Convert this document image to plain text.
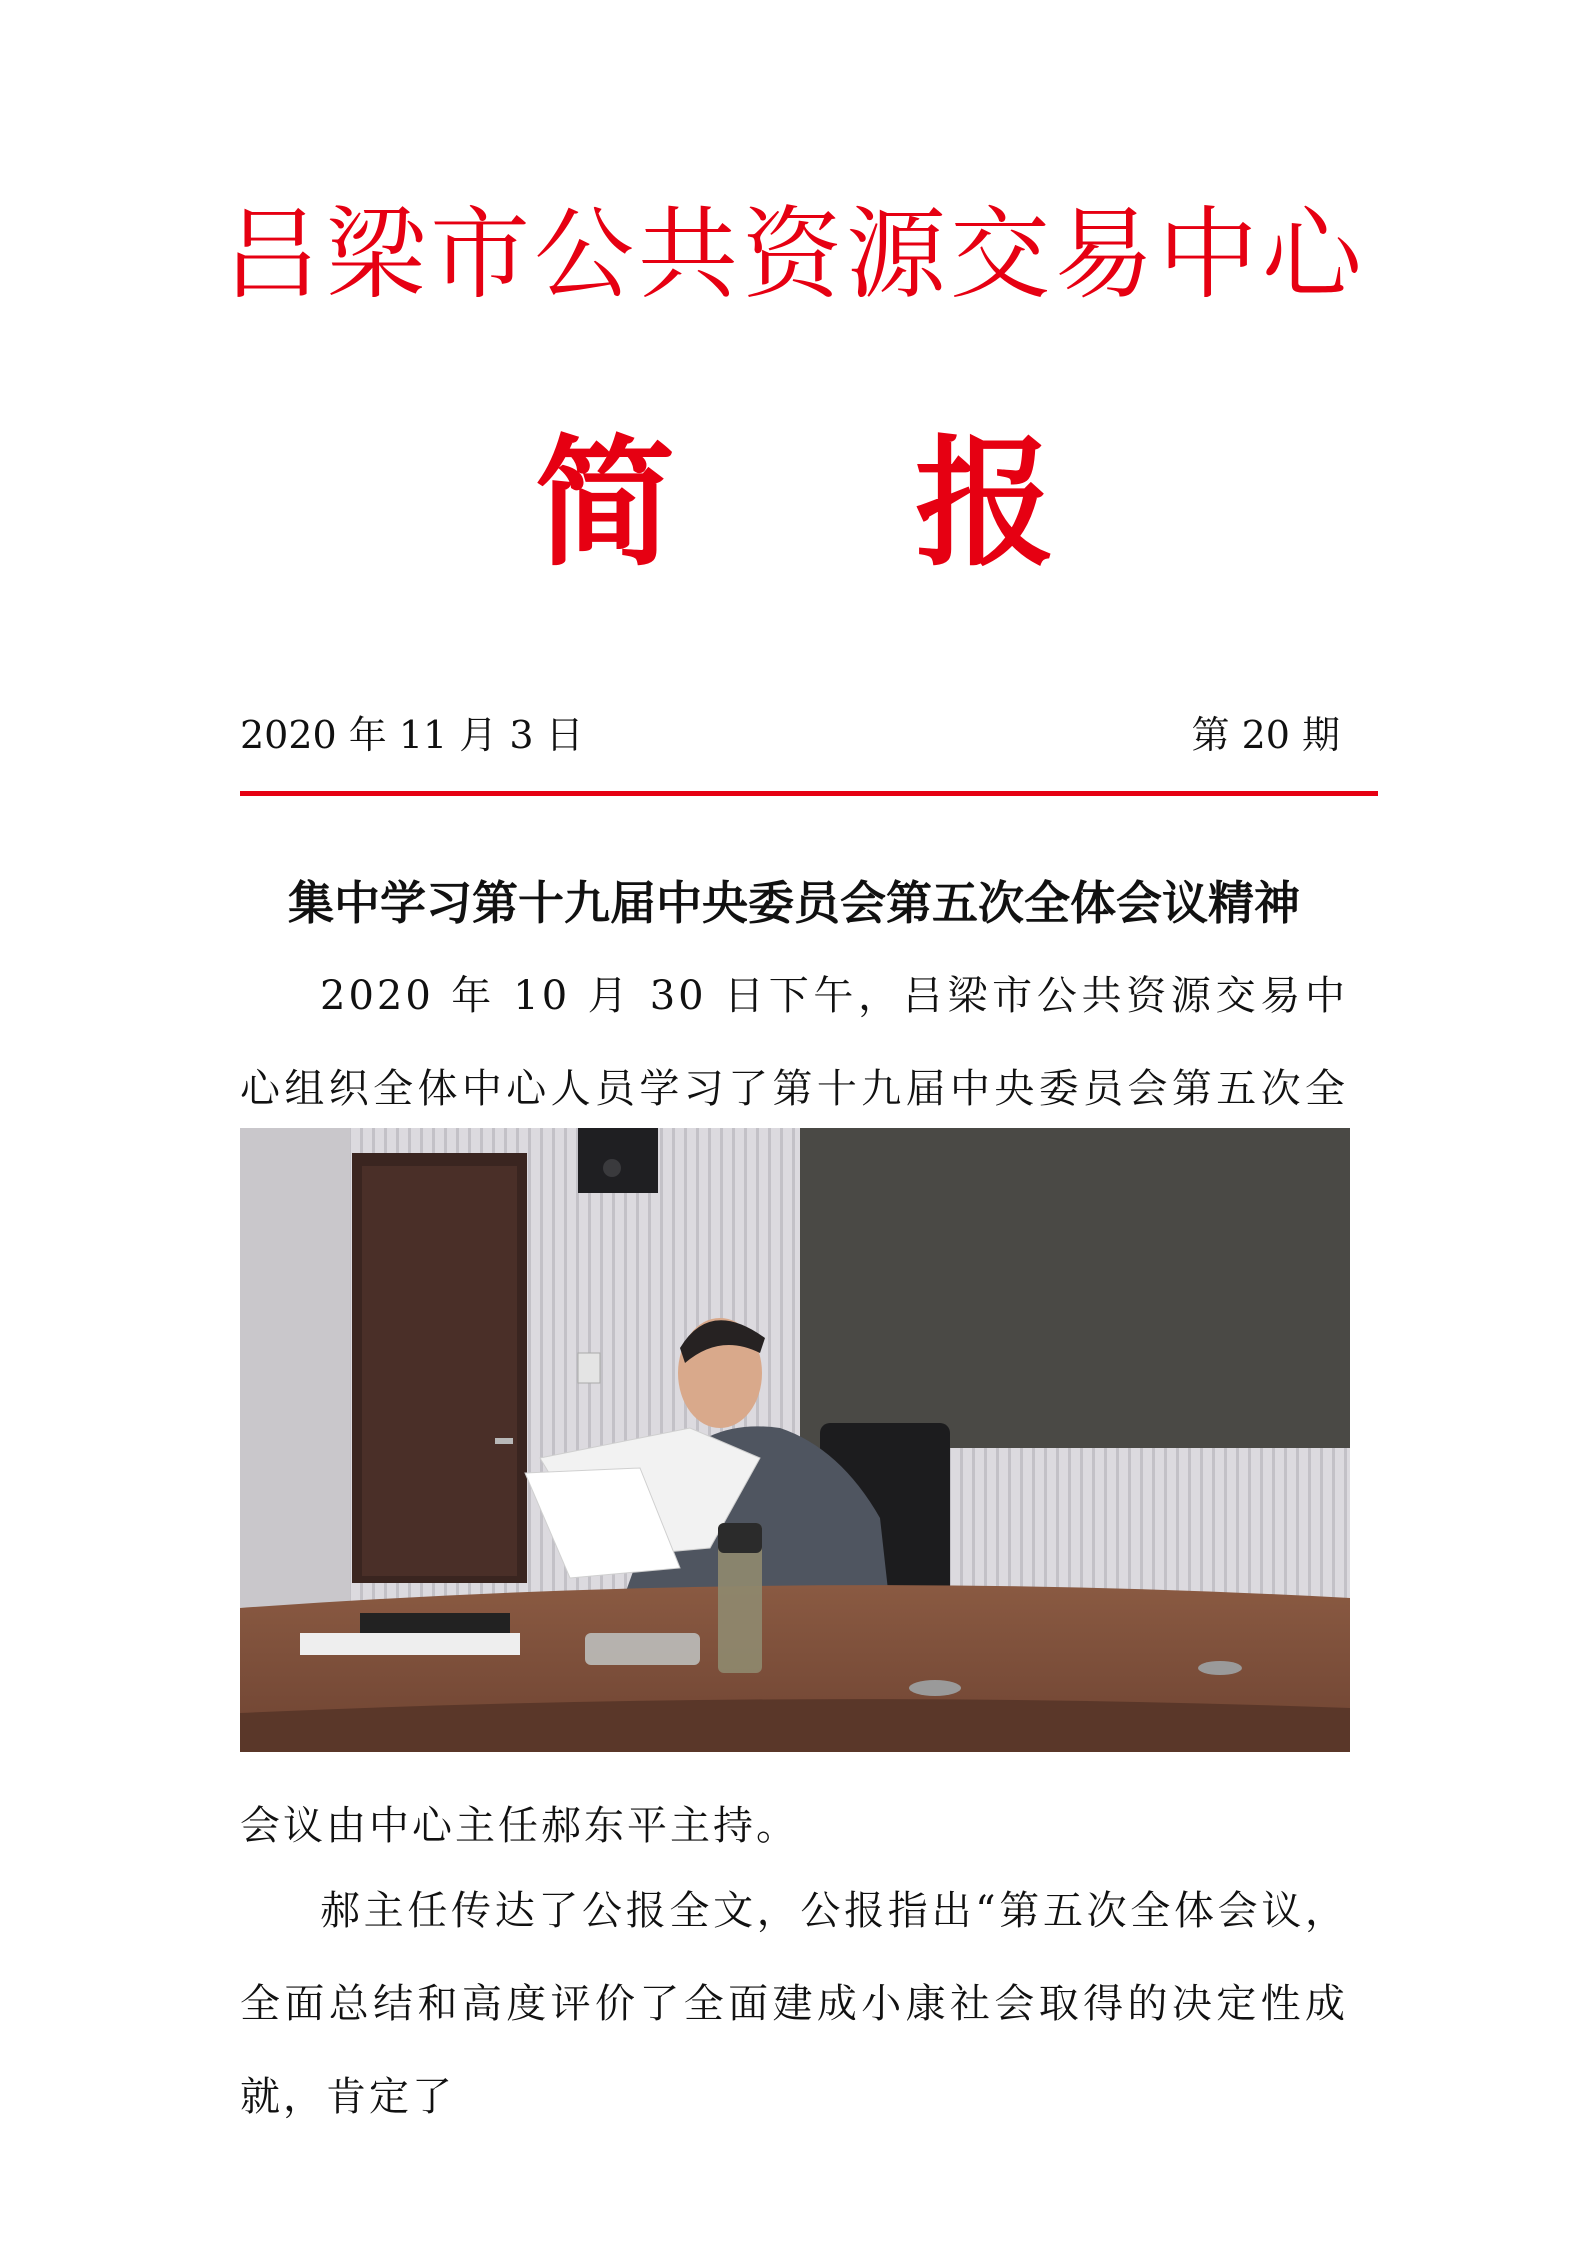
吕梁市公共资源交易中心
简 报
2020 年 11 月 3 日	第 20 期
集中学习第十九届中央委员会第五次全体会议精神
2020 年 10 月 30 日下午，吕梁市公共资源交易中心组织全体中心人员学习了第十九届中央委员会第五次全
会议由中心主任郝东平主持。
郝主任传达了公报全文，公报指出“第五次全体会议，全面总结和高度评价了全面建成小康社会取得的决定性成就，肯定了
